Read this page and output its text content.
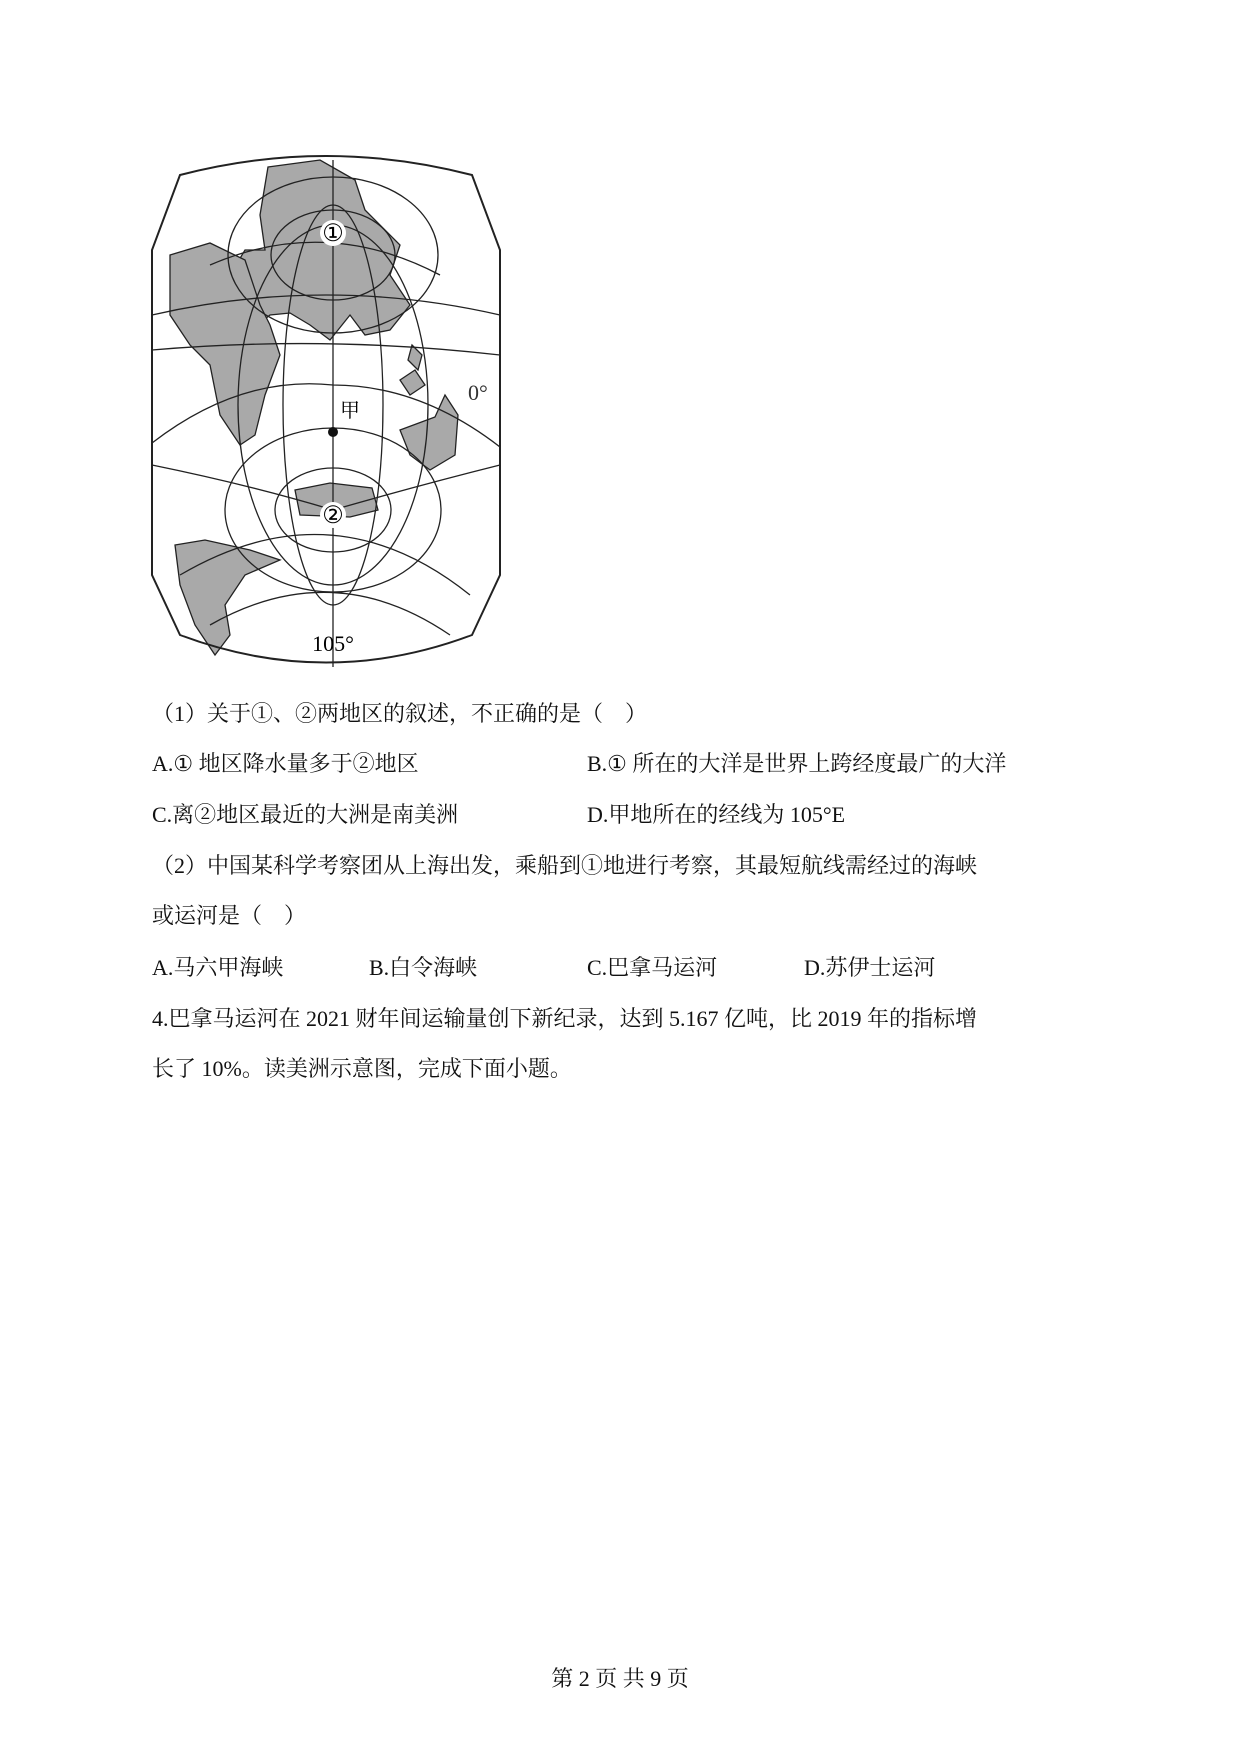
①
②
甲
0°
105°
（1）关于①、②两地区的叙述，不正确的是（　）
A.① 地区降水量多于②地区	B.① 所在的大洋是世界上跨经度最广的大洋
C.离②地区最近的大洲是南美洲	D.甲地所在的经线为 105°E
（2）中国某科学考察团从上海出发，乘船到①地进行考察，其最短航线需经过的海峡
或运河是（　）
A.马六甲海峡	B.白令海峡	C.巴拿马运河	D.苏伊士运河
4.巴拿马运河在 2021 财年间运输量创下新纪录，达到 5.167 亿吨，比 2019 年的指标增
长了 10%。读美洲示意图，完成下面小题。
第 2 页 共 9 页
